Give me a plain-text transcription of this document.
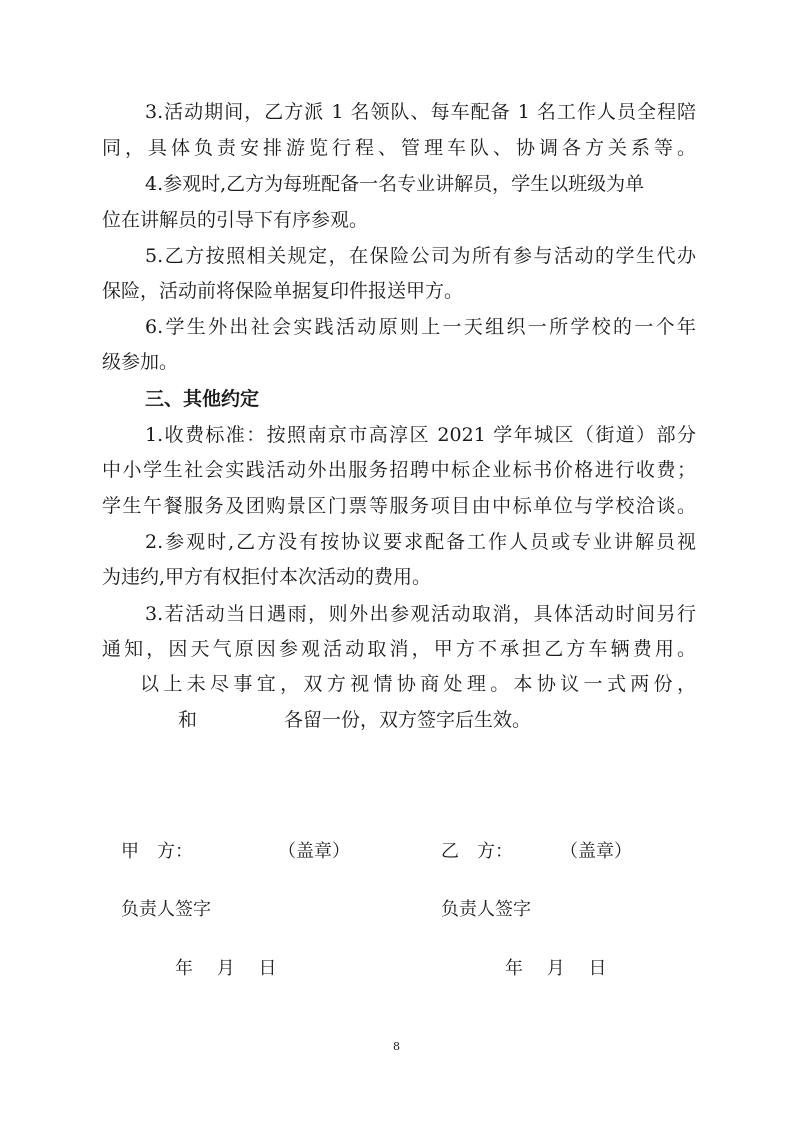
3.活动期间，乙方派 1 名领队、每车配备 1 名工作人员全程陪
同，具体负责安排游览行程、管理车队、协调各方关系等。
4.参观时,乙方为每班配备一名专业讲解员，学生以班级为单
位在讲解员的引导下有序参观。
5.乙方按照相关规定，在保险公司为所有参与活动的学生代办
保险，活动前将保险单据复印件报送甲方。
6.学生外出社会实践活动原则上一天组织一所学校的一个年
级参加。
三、其他约定
1.收费标准：按照南京市高淳区 2021 学年城区（街道）部分
中小学生社会实践活动外出服务招聘中标企业标书价格进行收费；
学生午餐服务及团购景区门票等服务项目由中标单位与学校洽谈。
2.参观时,乙方没有按协议要求配备工作人员或专业讲解员视
为违约,甲方有权拒付本次活动的费用。
3.若活动当日遇雨，则外出参观活动取消，具体活动时间另行
通知，因天气原因参观活动取消，甲方不承担乙方车辆费用。
以上未尽事宜，双方视情协商处理。本协议一式两份，
和	各留一份，双方签字后生效。
甲　方：	（盖章）	乙　方：	（盖章）
负责人签字	负责人签字
年　 月　 日	年　 月　 日
8
